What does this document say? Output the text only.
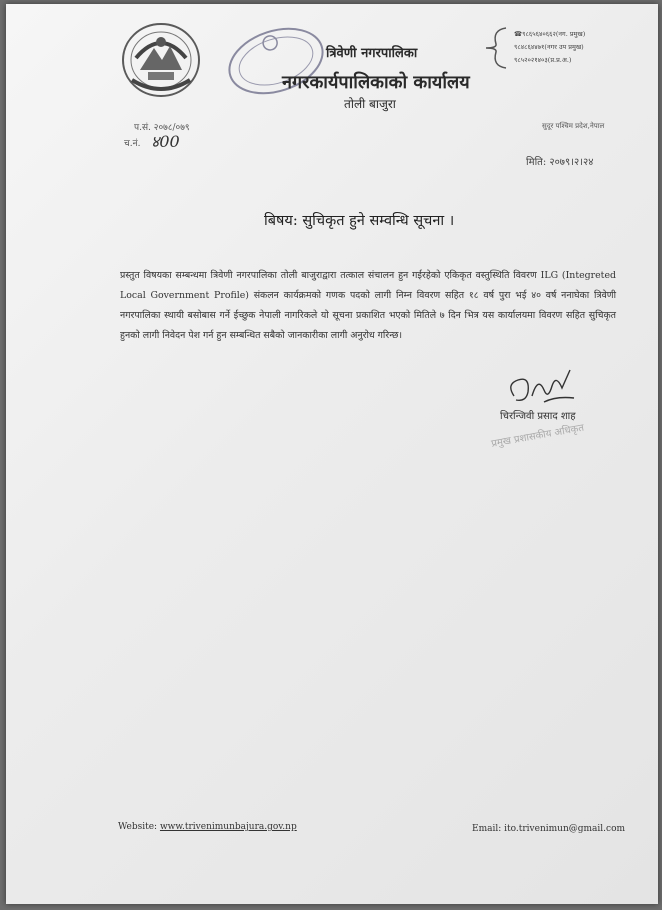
त्रिवेणी नगरपालिका
नगरकार्यपालिकाको कार्यालय
तोली बाजुरा
☎९८६५६४०६६२(नग. प्रमुख)
९८४८६४४७१(नगर उप प्रमुख)
९८५२०२१४०३(प्र.प्र.अ.)
प.सं. २०७८/०७९
च.नं. ४00
सुदूर पश्चिम प्रदेश,नेपाल
मिति: २०७९।२।२४
बिषय: सुचिकृत हुने सम्वन्धि सूचना ।
प्रस्तुत विषयका सम्बन्धमा त्रिवेणी नगरपालिका तोली बाजुराद्वारा तत्काल संचालन हुन गईरहेको एकिकृत वस्तुस्थिति विवरण ILG (Integreted Local Government Profile) संकलन कार्यक्रमको गणक पदको लागी निम्न विवरण सहित १८ वर्ष पुरा भई ४० वर्ष ननाघेका त्रिवेणी नगरपालिका स्थायी बसोबास गर्ने ईच्छुक नेपाली नागरिकले यो सूचना प्रकाशित भएको मितिले ७ दिन भित्र यस कार्यालयमा विवरण सहित सुचिकृत हुनको लागी निवेदन पेश गर्न हुन सम्बन्धित सबैको जानकारीका लागी अनुरोध गरिन्छ।
चिरन्जिवी प्रसाद शाह
प्रमुख प्रशासकीय अधिकृत
Website: www.trivenimunbajura.gov.np	Email: ito.trivenimun@gmail.com
